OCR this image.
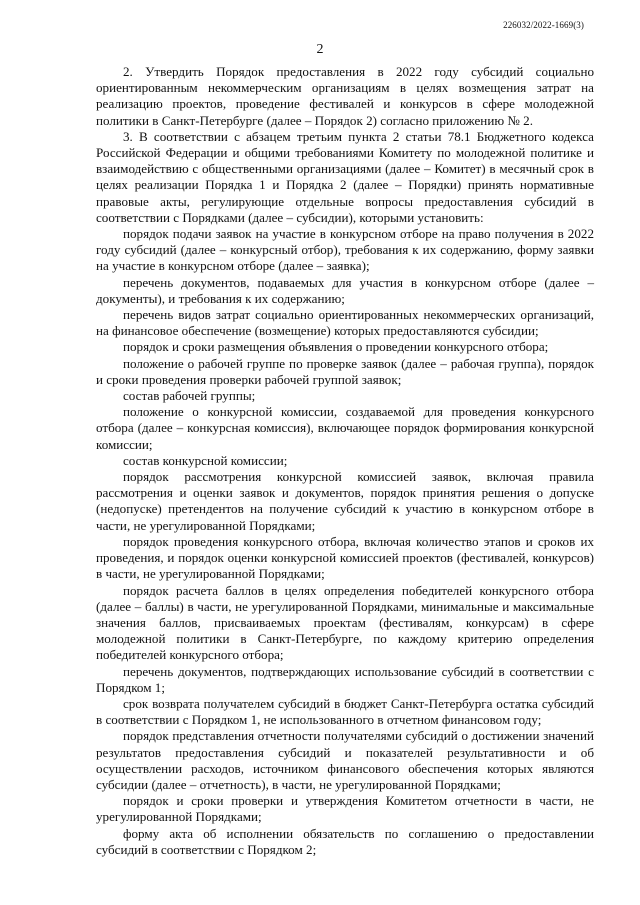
226032/2022-1669(3)
2

2. Утвердить Порядок предоставления в 2022 году субсидий социально ориентированным некоммерческим организациям в целях возмещения затрат на реализацию проектов, проведение фестивалей и конкурсов в сфере молодежной политики в Санкт-Петербурге (далее – Порядок 2) согласно приложению № 2.

3. В соответствии с абзацем третьим пункта 2 статьи 78.1 Бюджетного кодекса Российской Федерации и общими требованиями Комитету по молодежной политике и взаимодействию с общественными организациями (далее – Комитет) в месячный срок в целях реализации Порядка 1 и Порядка 2 (далее – Порядки) принять нормативные правовые акты, регулирующие отдельные вопросы предоставления субсидий в соответствии с Порядками (далее – субсидии), которыми установить:

порядок подачи заявок на участие в конкурсном отборе на право получения в 2022 году субсидий (далее – конкурсный отбор), требования к их содержанию, форму заявки на участие в конкурсном отборе (далее – заявка);

перечень документов, подаваемых для участия в конкурсном отборе (далее – документы), и требования к их содержанию;

перечень видов затрат социально ориентированных некоммерческих организаций, на финансовое обеспечение (возмещение) которых предоставляются субсидии;

порядок и сроки размещения объявления о проведении конкурсного отбора;

положение о рабочей группе по проверке заявок (далее – рабочая группа), порядок и сроки проведения проверки рабочей группой заявок;

состав рабочей группы;

положение о конкурсной комиссии, создаваемой для проведения конкурсного отбора (далее – конкурсная комиссия), включающее порядок формирования конкурсной комиссии;

состав конкурсной комиссии;

порядок рассмотрения конкурсной комиссией заявок, включая правила рассмотрения и оценки заявок и документов, порядок принятия решения о допуске (недопуске) претендентов на получение субсидий к участию в конкурсном отборе в части, не урегулированной Порядками;

порядок проведения конкурсного отбора, включая количество этапов и сроков их проведения, и порядок оценки конкурсной комиссией проектов (фестивалей, конкурсов) в части, не урегулированной Порядками;

порядок расчета баллов в целях определения победителей конкурсного отбора (далее – баллы) в части, не урегулированной Порядками, минимальные и максимальные значения баллов, присваиваемых проектам (фестивалям, конкурсам) в сфере молодежной политики в Санкт-Петербурге, по каждому критерию определения победителей конкурсного отбора;

перечень документов, подтверждающих использование субсидий в соответствии с Порядком 1;

срок возврата получателем субсидий в бюджет Санкт-Петербурга остатка субсидий в соответствии с Порядком 1, не использованного в отчетном финансовом году;

порядок представления отчетности получателями субсидий о достижении значений результатов предоставления субсидий и показателей результативности и об осуществлении расходов, источником финансового обеспечения которых являются субсидии (далее – отчетность), в части, не урегулированной Порядками;

порядок и сроки проверки и утверждения Комитетом отчетности в части, не урегулированной Порядками;

форму акта об исполнении обязательств по соглашению о предоставлении субсидий в соответствии с Порядком 2;
